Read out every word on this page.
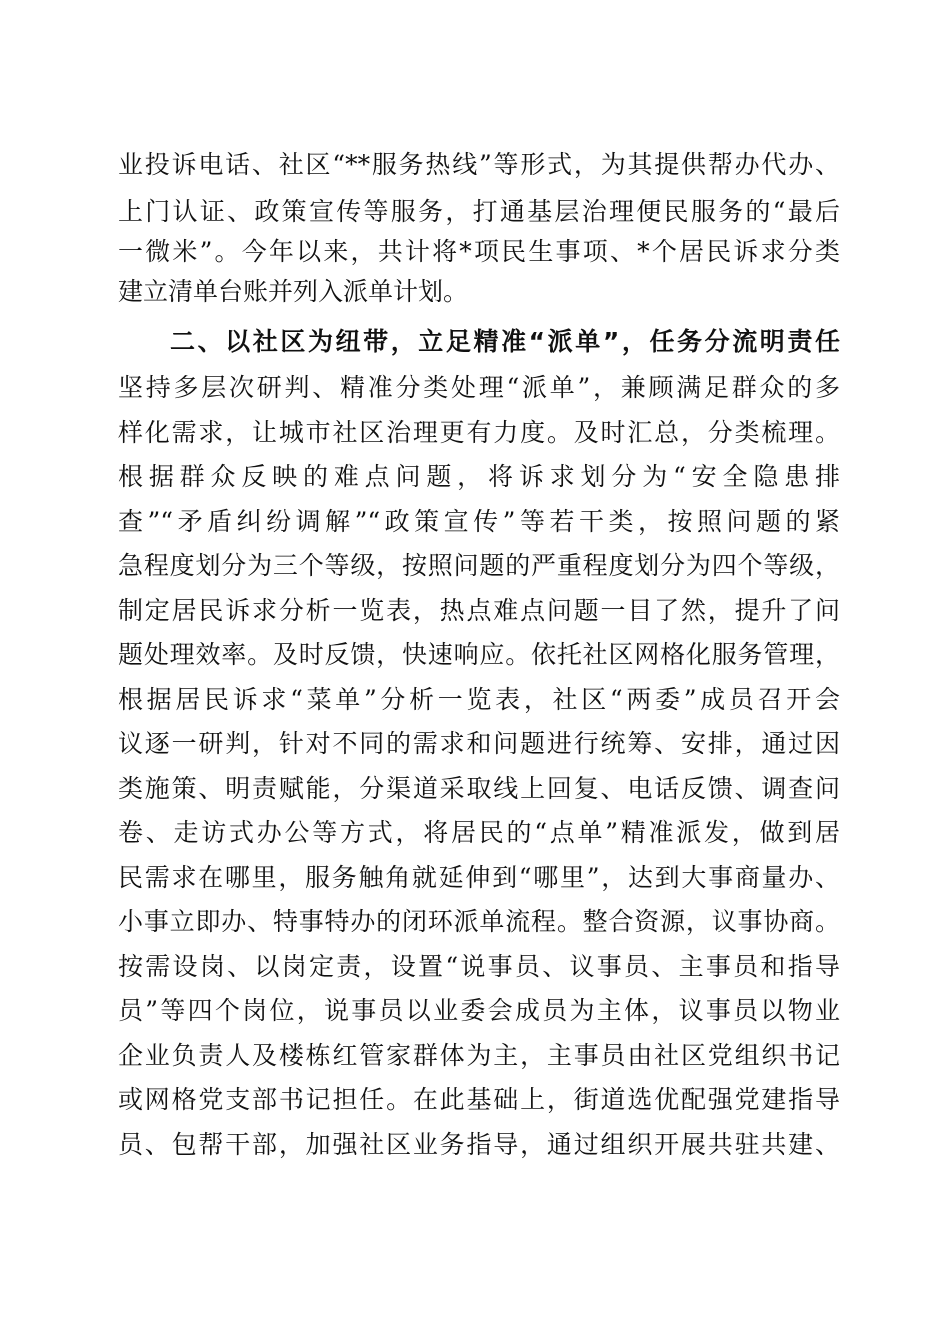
业投诉电话、社区“**服务热线”等形式，为其提供帮办代办、
上门认证、政策宣传等服务，打通基层治理便民服务的“最后
一微米”。今年以来，共计将*项民生事项、*个居民诉求分类
建立清单台账并列入派单计划。
二、以社区为纽带，立足精准“派单”，任务分流明责任
坚持多层次研判、精准分类处理“派单”，兼顾满足群众的多
样化需求，让城市社区治理更有力度。及时汇总，分类梳理。
根据群众反映的难点问题，将诉求划分为“安全隐患排
查”“矛盾纠纷调解”“政策宣传”等若干类，按照问题的紧
急程度划分为三个等级，按照问题的严重程度划分为四个等级，
制定居民诉求分析一览表，热点难点问题一目了然，提升了问
题处理效率。及时反馈，快速响应。依托社区网格化服务管理，
根据居民诉求“菜单”分析一览表，社区“两委”成员召开会
议逐一研判，针对不同的需求和问题进行统筹、安排，通过因
类施策、明责赋能，分渠道采取线上回复、电话反馈、调查问
卷、走访式办公等方式，将居民的“点单”精准派发，做到居
民需求在哪里，服务触角就延伸到“哪里”，达到大事商量办、
小事立即办、特事特办的闭环派单流程。整合资源，议事协商。
按需设岗、以岗定责，设置“说事员、议事员、主事员和指导
员”等四个岗位，说事员以业委会成员为主体，议事员以物业
企业负责人及楼栋红管家群体为主，主事员由社区党组织书记
或网格党支部书记担任。在此基础上，街道选优配强党建指导
员、包帮干部，加强社区业务指导，通过组织开展共驻共建、
